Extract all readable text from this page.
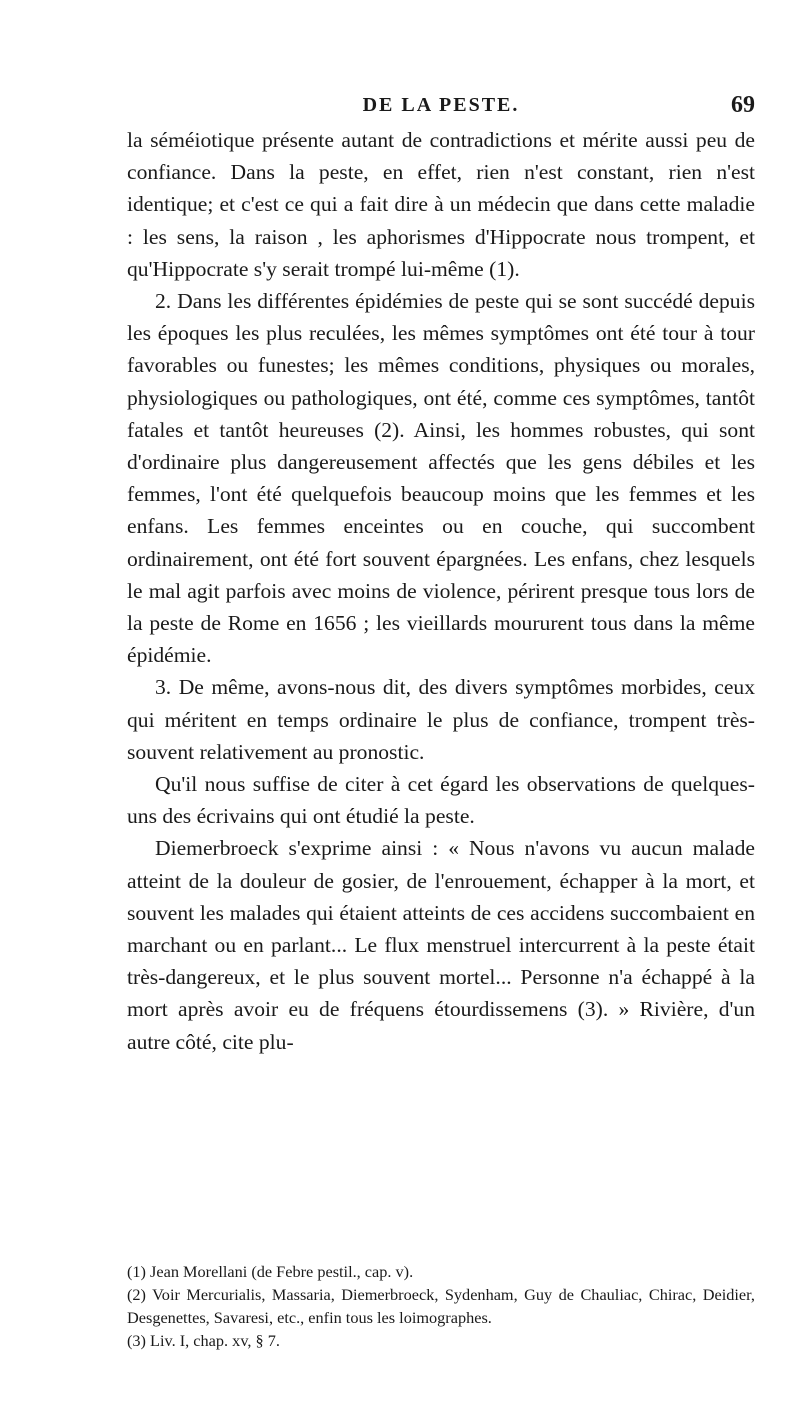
DE LA PESTE.	69

la séméiotique présente autant de contradictions et mérite aussi peu de confiance. Dans la peste, en effet, rien n'est constant, rien n'est identique; et c'est ce qui a fait dire à un médecin que dans cette maladie : les sens, la raison , les aphorismes d'Hippocrate nous trompent, et qu'Hippocrate s'y serait trompé lui-même (1).

2. Dans les différentes épidémies de peste qui se sont succédé depuis les époques les plus reculées, les mêmes symptômes ont été tour à tour favorables ou funestes; les mêmes conditions, physiques ou morales, physiologiques ou pathologiques, ont été, comme ces symptômes, tantôt fatales et tantôt heureuses (2). Ainsi, les hommes robustes, qui sont d'ordinaire plus dangereusement affectés que les gens débiles et les femmes, l'ont été quelquefois beaucoup moins que les femmes et les enfans. Les femmes enceintes ou en couche, qui succombent ordinairement, ont été fort souvent épargnées. Les enfans, chez lesquels le mal agit parfois avec moins de violence, périrent presque tous lors de la peste de Rome en 1656 ; les vieillards moururent tous dans la même épidémie.

3. De même, avons-nous dit, des divers symptômes morbides, ceux qui méritent en temps ordinaire le plus de confiance, trompent très-souvent relativement au pronostic.

Qu'il nous suffise de citer à cet égard les observations de quelques-uns des écrivains qui ont étudié la peste.

Diemerbroeck s'exprime ainsi : « Nous n'avons vu aucun malade atteint de la douleur de gosier, de l'enrouement, échapper à la mort, et souvent les malades qui étaient atteints de ces accidens succombaient en marchant ou en parlant... Le flux menstruel intercurrent à la peste était très-dangereux, et le plus souvent mortel... Personne n'a échappé à la mort après avoir eu de fréquens étourdissemens (3). » Rivière, d'un autre côté, cite plu-

(1) Jean Morellani (de Febre pestil., cap. v).

(2) Voir Mercurialis, Massaria, Diemerbroeck, Sydenham, Guy de Chauliac, Chirac, Deidier, Desgenettes, Savaresi, etc., enfin tous les loimographes.

(3) Liv. I, chap. xv, § 7.
